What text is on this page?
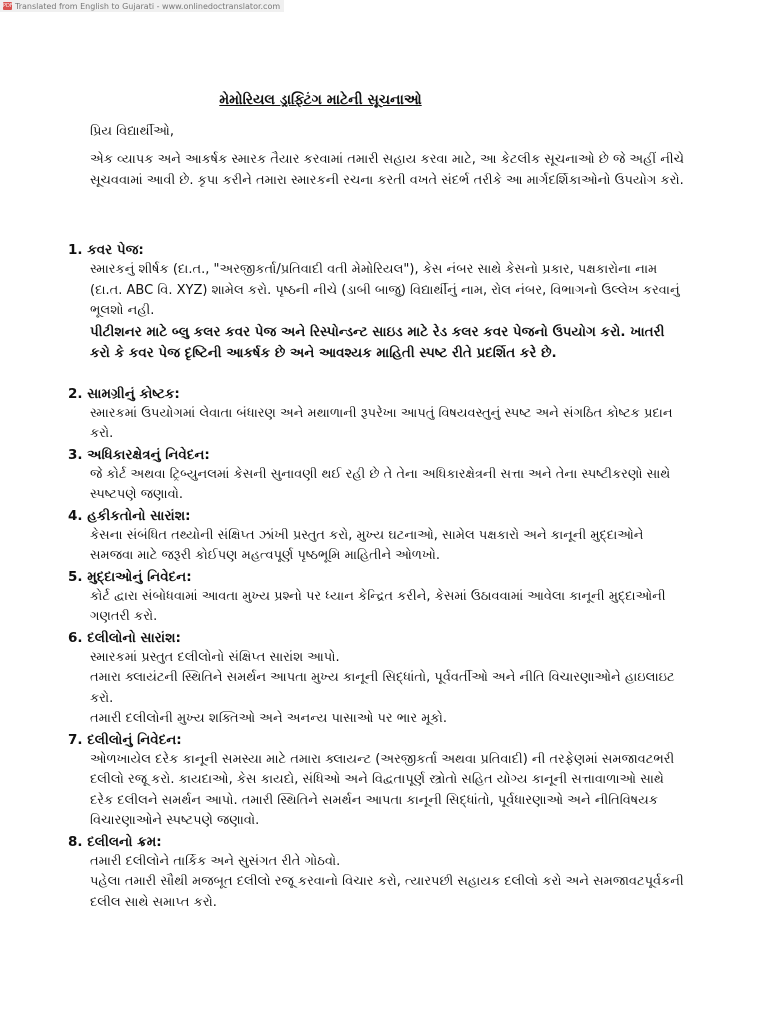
PDF Translated from English to Gujarati - www.onlinedoctranslator.com
મેમોરિયલ ડ્રાફ્ટિંગ માટેની સૂચનાઓ

પ્રિય વિદ્યાર્થીઓ,

એક વ્યાપક અને આકર્ષક સ્મારક તૈયાર કરવામાં તમારી સહાય કરવા માટે, આ કેટલીક સૂચનાઓ છે જે અહીં નીચે સૂચવવામાં આવી છે. કૃપા કરીને તમારા સ્મારકની રચના કરતી વખતે સંદર્ભ તરીકે આ માર્ગદર્શિકાઓનો ઉપયોગ કરો.

1. કવર પેજ:

સ્મારકનું શીર્ષક (દા.ત., "અરજીકર્તા/પ્રતિવાદી વતી મેમોરિયલ"), કેસ નંબર સાથે કેસનો પ્રકાર, પક્ષકારોના નામ (દા.ત. ABC વિ. XYZ) શામેલ કરો. પૃષ્ઠની નીચે (ડાબી બાજુ) વિદ્યાર્થીનું નામ, રોલ નંબર, વિભાગનો ઉલ્લેખ કરવાનું ભૂલશો નહી.

પીટીશનર માટે બ્લુ કલર કવર પેજ અને રિસ્પોન્ડન્ટ સાઇડ માટે રેડ કલર કવર પેજનો ઉપયોગ કરો. ખાતરી કરો કે કવર પેજ દૃષ્ટિની આકર્ષક છે અને આવશ્યક માહિતી સ્પષ્ટ રીતે પ્રદર્શિત કરે છે.

2. સામગ્રીનું કોષ્ટક:

સ્મારકમાં ઉપયોગમાં લેવાતા બંધારણ અને મથાળાની રૂપરેખા આપતું વિષયવસ્તુનું સ્પષ્ટ અને સંગઠિત કોષ્ટક પ્રદાન કરો.

3. અધિકારક્ષેત્રનું નિવેદન:

જે કોર્ટ અથવા ટ્રિબ્યુનલમાં કેસની સુનાવણી થઈ રહી છે તે તેના અધિકારક્ષેત્રની સત્તા અને તેના સ્પષ્ટીકરણો સાથે સ્પષ્ટપણે જણાવો.

4. હકીકતોનો સારાંશ:

કેસના સંબંધિત તથ્યોની સંક્ષિપ્ત ઝાંખી પ્રસ્તુત કરો, મુખ્ય ઘટનાઓ, સામેલ પક્ષકારો અને કાનૂની મુદ્દાઓને સમજવા માટે જરૂરી કોઈપણ મહત્વપૂર્ણ પૃષ્ઠભૂમિ માહિતીને ઓળખો.

5. મુદ્દાઓનું નિવેદન:

કોર્ટ દ્વારા સંબોધવામાં આવતા મુખ્ય પ્રશ્નો પર ધ્યાન કેન્દ્રિત કરીને, કેસમાં ઉઠાવવામાં આવેલા કાનૂની મુદ્દાઓની ગણતરી કરો.

6. દલીલોનો સારાંશ:

સ્મારકમાં પ્રસ્તુત દલીલોનો સંક્ષિપ્ત સારાંશ આપો.

તમારા ક્લાયંટની સ્થિતિને સમર્થન આપતા મુખ્ય કાનૂની સિદ્ધાંતો, પૂર્વવર્તીઓ અને નીતિ વિચારણાઓને હાઇલાઇટ કરો.

તમારી દલીલોની મુખ્ય શક્તિઓ અને અનન્ય પાસાઓ પર ભાર મૂકો.

7. દલીલોનું નિવેદન:

ઓળખાયેલ દરેક કાનૂની સમસ્યા માટે તમારા ક્લાયન્ટ (અરજીકર્તા અથવા પ્રતિવાદી) ની તરફેણમાં સમજાવટભરી દલીલો રજૂ કરો. કાયદાઓ, કેસ કાયદો, સંધિઓ અને વિદ્વતાપૂર્ણ સ્ત્રોતો સહિત યોગ્ય કાનૂની સત્તાવાળાઓ સાથે દરેક દલીલને સમર્થન આપો. તમારી સ્થિતિને સમર્થન આપતા કાનૂની સિદ્ધાંતો, પૂર્વધારણાઓ અને નીતિવિષયક વિચારણાઓને સ્પષ્ટપણે જણાવો.

8. દલીલનો ક્રમ:

તમારી દલીલોને તાર્કિક અને સુસંગત રીતે ગોઠવો.

પહેલા તમારી સૌથી મજબૂત દલીલો રજૂ કરવાનો વિચાર કરો, ત્યારપછી સહાયક દલીલો કરો અને સમજાવટપૂર્વકની દલીલ સાથે સમાપ્ત કરો.
